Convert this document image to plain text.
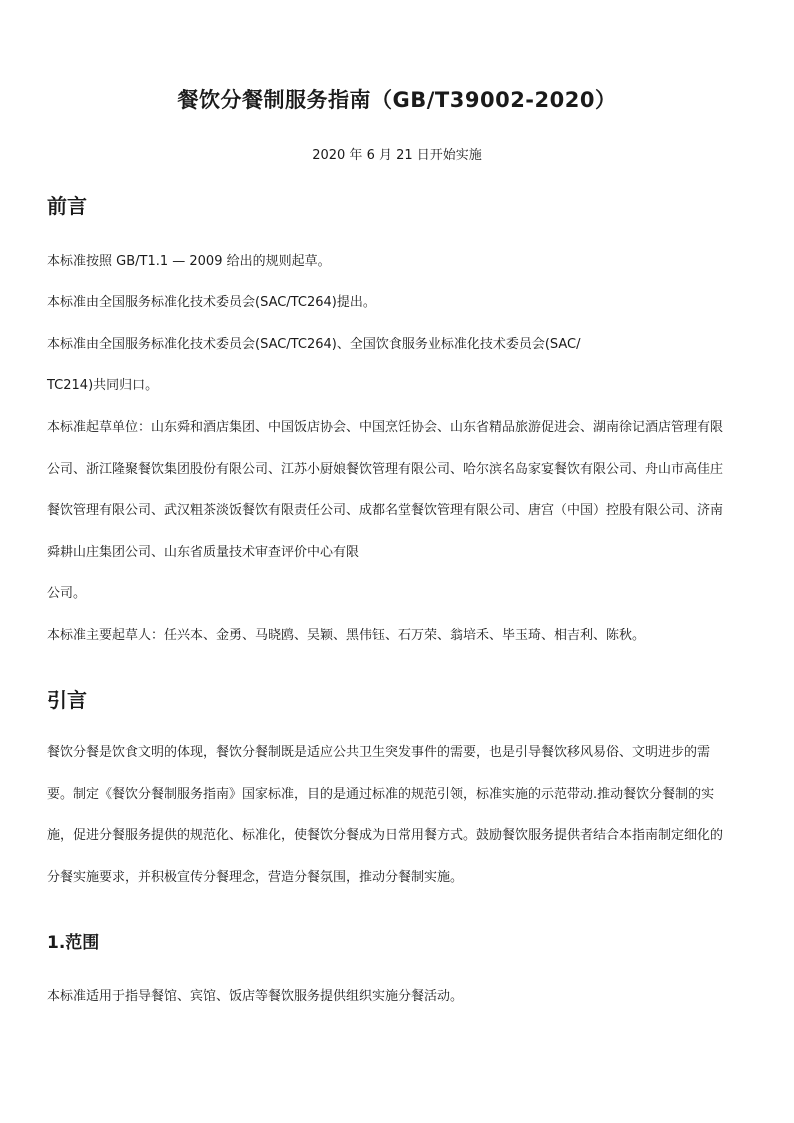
餐饮分餐制服务指南（GB/T39002-2020）

2020 年 6 月 21 日开始实施

前言

本标准按照 GB/T1.1 — 2009 给出的规则起草。

本标准由全国服务标准化技术委员会(SAC/TC264)提出。

本标准由全国服务标准化技术委员会(SAC/TC264)、全国饮食服务业标准化技术委员会(SAC/

TC214)共同归口。

本标准起草单位：山东舜和酒店集团、中国饭店协会、中国烹饪协会、山东省精品旅游促进会、湖南徐记酒店管理有限

公司、浙江隆聚餐饮集团股份有限公司、江苏小厨娘餐饮管理有限公司、哈尔滨名岛家宴餐饮有限公司、舟山市高佳庄

餐饮管理有限公司、武汉粗茶淡饭餐饮有限责任公司、成都名堂餐饮管理有限公司、唐宫（中国）控股有限公司、济南

舜耕山庄集团公司、山东省质量技术审查评价中心有限

公司。

本标准主要起草人：任兴本、金勇、马晓鸥、吴颖、黑伟钰、石万荣、翁培禾、毕玉琦、相吉利、陈秋。

引言

餐饮分餐是饮食文明的体现，餐饮分餐制既是适应公共卫生突发事件的需要，也是引导餐饮移风易俗、文明进步的需

要。制定《餐饮分餐制服务指南》国家标准，目的是通过标准的规范引领，标准实施的示范带动.推动餐饮分餐制的实

施，促进分餐服务提供的规范化、标准化，使餐饮分餐成为日常用餐方式。鼓励餐饮服务提供者结合本指南制定细化的

分餐实施要求，并积极宣传分餐理念，营造分餐氛围，推动分餐制实施。

1.范围

本标准适用于指导餐馆、宾馆、饭店等餐饮服务提供组织实施分餐活动。
